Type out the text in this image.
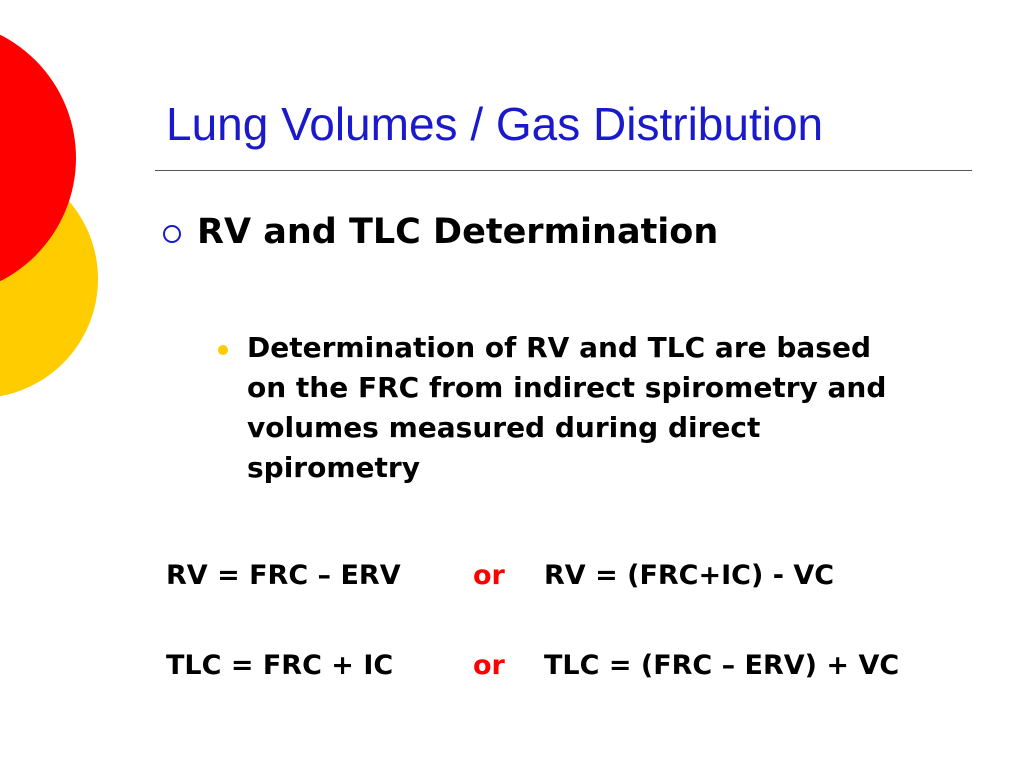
Lung Volumes / Gas Distribution
RV and TLC Determination
Determination of RV and TLC are based on the FRC from indirect spirometry and volumes measured during direct spirometry
RV = FRC – ERV	or RV = (FRC+IC) - VC
TLC = FRC + IC	or TLC = (FRC – ERV) + VC
